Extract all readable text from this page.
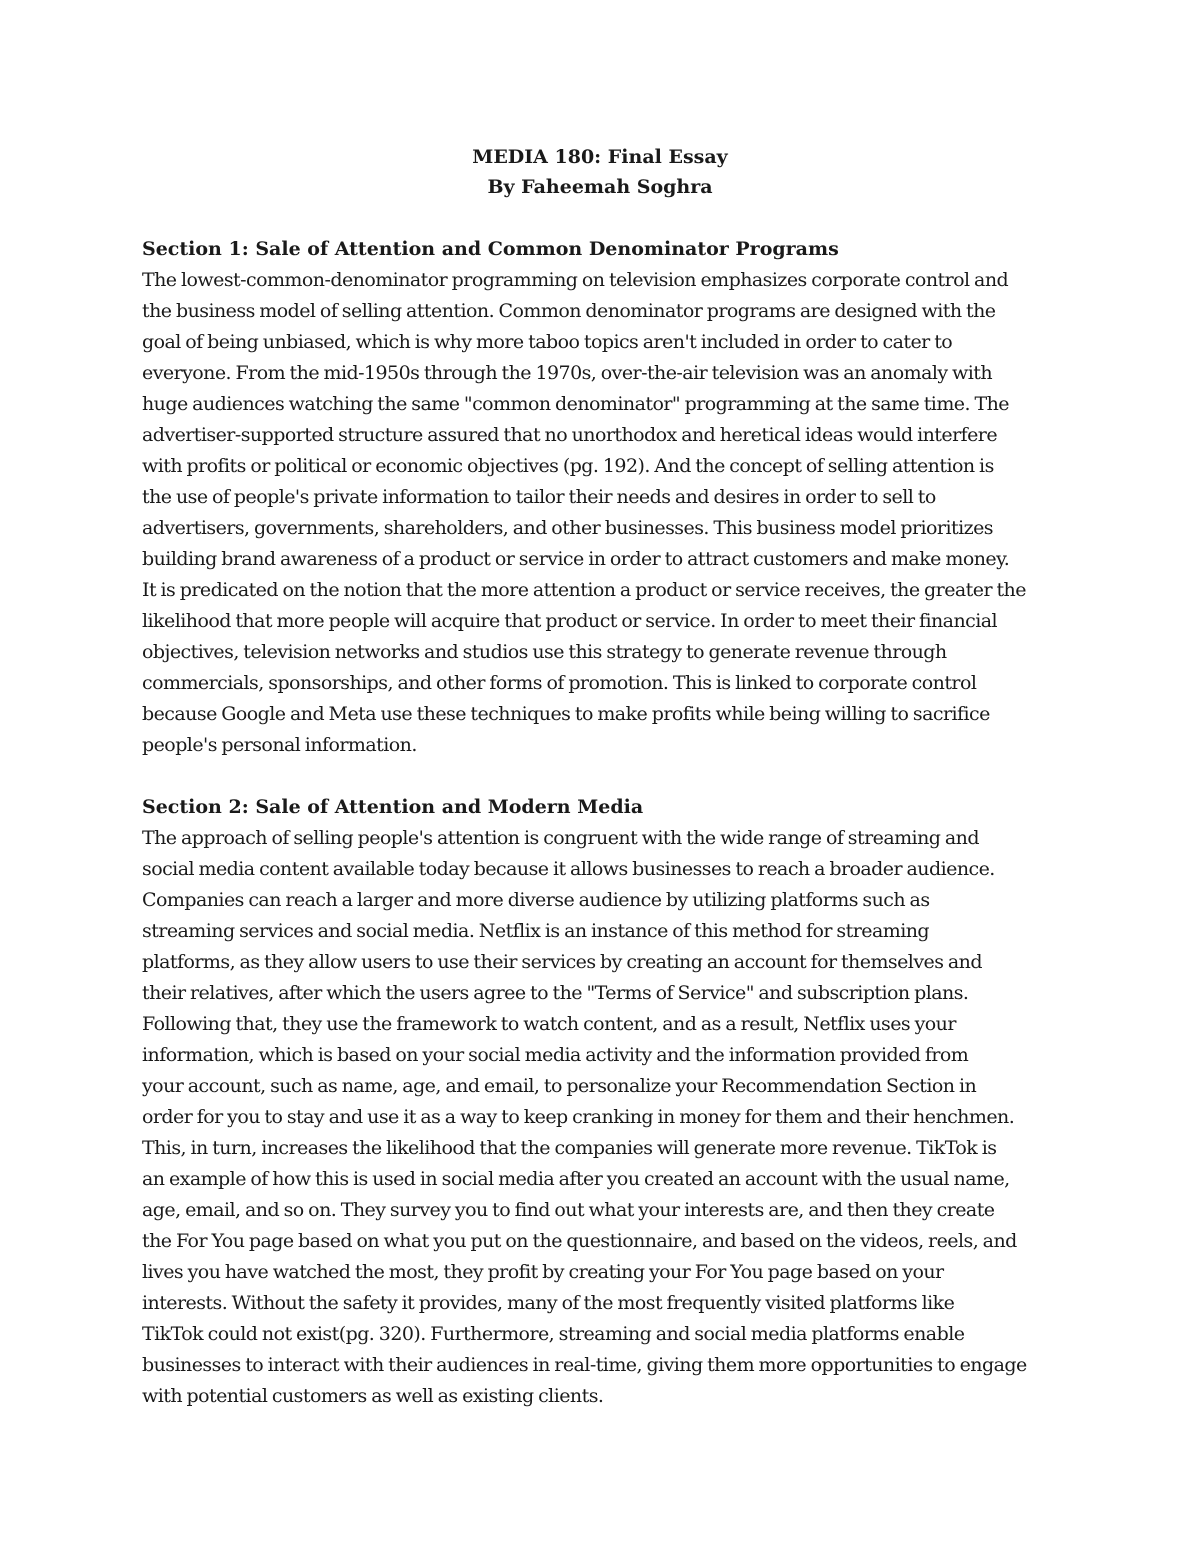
MEDIA 180: Final Essay
By Faheemah Soghra
Section 1: Sale of Attention and Common Denominator Programs
The lowest-common-denominator programming on television emphasizes corporate control and
the business model of selling attention. Common denominator programs are designed with the
goal of being unbiased, which is why more taboo topics aren't included in order to cater to
everyone. From the mid-1950s through the 1970s, over-the-air television was an anomaly with
huge audiences watching the same "common denominator" programming at the same time. The
advertiser-supported structure assured that no unorthodox and heretical ideas would interfere
with profits or political or economic objectives (pg. 192). And the concept of selling attention is
the use of people's private information to tailor their needs and desires in order to sell to
advertisers, governments, shareholders, and other businesses. This business model prioritizes
building brand awareness of a product or service in order to attract customers and make money.
It is predicated on the notion that the more attention a product or service receives, the greater the
likelihood that more people will acquire that product or service. In order to meet their financial
objectives, television networks and studios use this strategy to generate revenue through
commercials, sponsorships, and other forms of promotion. This is linked to corporate control
because Google and Meta use these techniques to make profits while being willing to sacrifice
people's personal information.
Section 2: Sale of Attention and Modern Media
The approach of selling people's attention is congruent with the wide range of streaming and
social media content available today because it allows businesses to reach a broader audience.
Companies can reach a larger and more diverse audience by utilizing platforms such as
streaming services and social media. Netflix is an instance of this method for streaming
platforms, as they allow users to use their services by creating an account for themselves and
their relatives, after which the users agree to the "Terms of Service" and subscription plans.
Following that, they use the framework to watch content, and as a result, Netflix uses your
information, which is based on your social media activity and the information provided from
your account, such as name, age, and email, to personalize your Recommendation Section in
order for you to stay and use it as a way to keep cranking in money for them and their henchmen.
This, in turn, increases the likelihood that the companies will generate more revenue. TikTok is
an example of how this is used in social media after you created an account with the usual name,
age, email, and so on. They survey you to find out what your interests are, and then they create
the For You page based on what you put on the questionnaire, and based on the videos, reels, and
lives you have watched the most, they profit by creating your For You page based on your
interests. Without the safety it provides, many of the most frequently visited platforms like
TikTok could not exist(pg. 320). Furthermore, streaming and social media platforms enable
businesses to interact with their audiences in real-time, giving them more opportunities to engage
with potential customers as well as existing clients.
